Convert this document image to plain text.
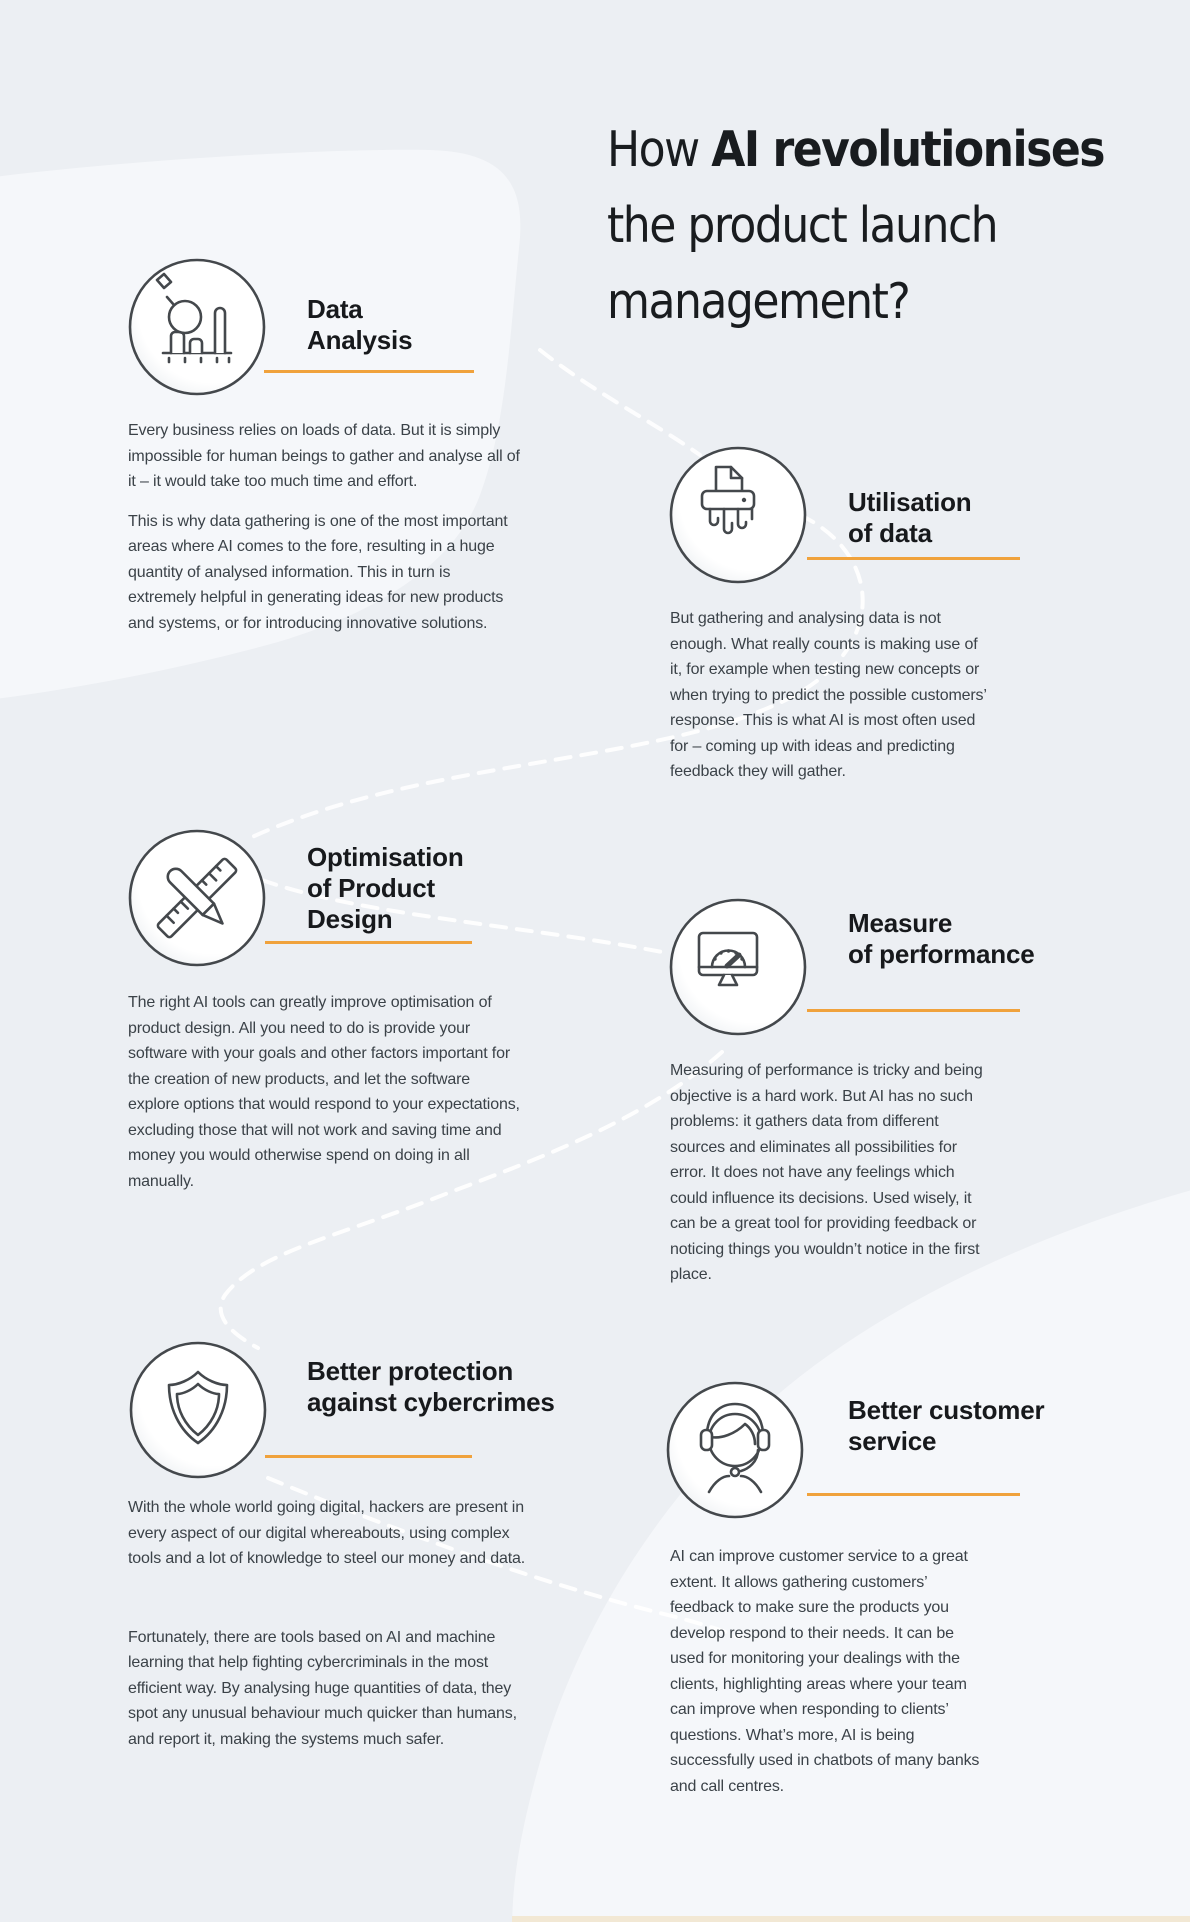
How AI revolutionises
the product launch
management?
Data
Analysis

Every business relies on loads of data. But it is simply impossible for human beings to gather and analyse all of it – it would take too much time and effort.

This is why data gathering is one of the most important areas where AI comes to the fore, resulting in a huge quantity of analysed information. This in turn is extremely helpful in generating ideas for new products and systems, or for introducing innovative solutions.

Utilisation
of data

But gathering and analysing data is not enough. What really counts is making use of it, for example when testing new concepts or when trying to predict the possible customers’ response. This is what AI is most often used for – coming up with ideas and predicting feedback they will gather.

Optimisation
of Product
Design

The right AI tools can greatly improve optimisation of product design. All you need to do is provide your software with your goals and other factors important for the creation of new products, and let the software explore options that would respond to your expectations, excluding those that will not work and saving time and money you would otherwise spend on doing in all manually.

Measure
of performance

Measuring of performance is tricky and being objective is a hard work. But AI has no such problems: it gathers data from different sources and eliminates all possibilities for error. It does not have any feelings which could influence its decisions. Used wisely, it can be a great tool for providing feedback or noticing things you wouldn’t notice in the first place.

Better protection
against cybercrimes

With the whole world going digital, hackers are present in every aspect of our digital whereabouts, using complex tools and a lot of knowledge to steel our money and data.

Fortunately, there are tools based on AI and machine learning that help fighting cybercriminals in the most efficient way. By analysing huge quantities of data, they spot any unusual behaviour much quicker than humans, and report it, making the systems much safer.

Better customer
service

AI can improve customer service to a great extent. It allows gathering customers’ feedback to make sure the products you develop respond to their needs. It can be used for monitoring your dealings with the clients, highlighting areas where your team can improve when responding to clients’ questions. What’s more, AI is being successfully used in chatbots of many banks and call centres.
